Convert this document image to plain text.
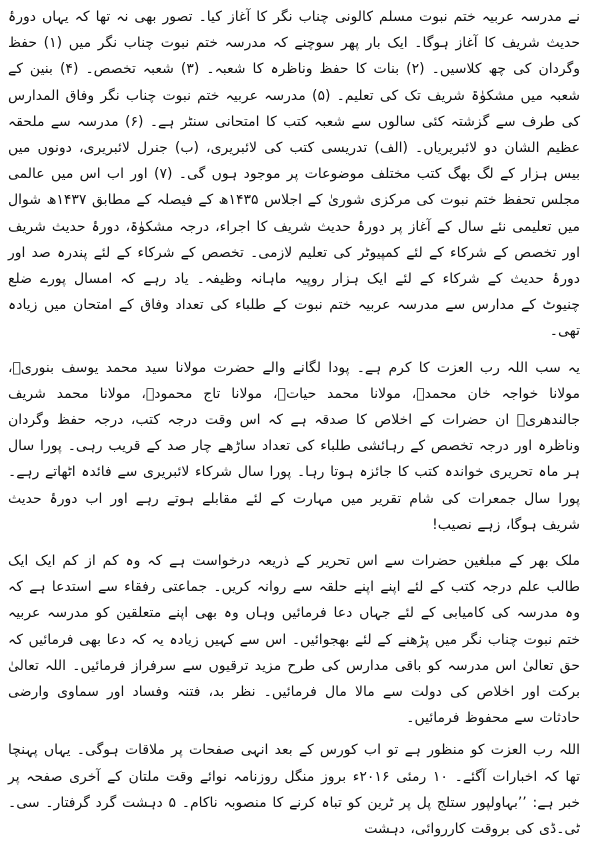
نے مدرسہ عربیہ ختم نبوت مسلم کالونی چناب نگر کا آغاز کیا۔ تصور بھی نہ تھا کہ یہاں دورۂ حدیث شریف کا آغاز ہوگا۔ ایک بار پھر سوچنے کہ مدرسہ ختم نبوت چناب نگر میں (۱) حفظ وگردان کی چھ کلاسیں۔ (۲) بنات کا حفظ وناظرہ کا شعبہ۔ (۳) شعبہ تخصص۔ (۴) بنین کے شعبہ میں مشکوٰۃ شریف تک کی تعلیم۔ (۵) مدرسہ عربیہ ختم نبوت چناب نگر وفاق المدارس کی طرف سے گزشتہ کئی سالوں سے شعبہ کتب کا امتحانی سنٹر ہے۔ (۶) مدرسہ سے ملحقہ عظیم الشان دو لائبریریاں۔ (الف) تدریسی کتب کی لائبریری، (ب) جنرل لائبریری، دونوں میں بیس ہزار کے لگ بھگ کتب مختلف موضوعات پر موجود ہوں گی۔ (۷) اور اب اس میں عالمی مجلس تحفظ ختم نبوت کی مرکزی شوریٰ کے اجلاس ۱۴۳۵ھ کے فیصلہ کے مطابق ۱۴۳۷ھ شوال میں تعلیمی نئے سال کے آغاز پر دورۂ حدیث شریف کا اجراء، درجہ مشکوٰۃ، دورۂ حدیث شریف اور تخصص کے شرکاء کے لئے کمپیوٹر کی تعلیم لازمی۔ تخصص کے شرکاء کے لئے پندرہ صد اور دورۂ حدیث کے شرکاء کے لئے ایک ہزار روپیہ ماہانہ وظیفہ۔ یاد رہے کہ امسال پورے ضلع چنیوٹ کے مدارس سے مدرسہ عربیہ ختم نبوت کے طلباء کی تعداد وفاق کے امتحان میں زیادہ تھی۔

یہ سب اللہ رب العزت کا کرم ہے۔ پودا لگانے والے حضرت مولانا سید محمد یوسف بنوریؒ، مولانا خواجہ خان محمدؒ، مولانا محمد حیاتؒ، مولانا تاج محمودؒ، مولانا محمد شریف جالندھریؒ ان حضرات کے اخلاص کا صدقہ ہے کہ اس وقت درجہ کتب، درجہ حفظ وگردان وناظرہ اور درجہ تخصص کے رہائشی طلباء کی تعداد ساڑھے چار صد کے قریب رہی۔ پورا سال ہر ماہ تحریری خواندہ کتب کا جائزہ ہوتا رہا۔ پورا سال شرکاء لائبریری سے فائدہ اٹھاتے رہے۔ پورا سال جمعرات کی شام تقریر میں مہارت کے لئے مقابلے ہوتے رہے اور اب دورۂ حدیث شریف ہوگا، زہے نصیب!

ملک بھر کے مبلغین حضرات سے اس تحریر کے ذریعہ درخواست ہے کہ وہ کم از کم ایک ایک طالب علم درجہ کتب کے لئے اپنے اپنے حلقہ سے روانہ کریں۔ جماعتی رفقاء سے استدعا ہے کہ وہ مدرسہ کی کامیابی کے لئے جہاں دعا فرمائیں وہاں وہ بھی اپنے متعلقین کو مدرسہ عربیہ ختم نبوت چناب نگر میں پڑھنے کے لئے بھجوائیں۔ اس سے کہیں زیادہ یہ کہ دعا بھی فرمائیں کہ حق تعالیٰ اس مدرسہ کو باقی مدارس کی طرح مزید ترقیوں سے سرفراز فرمائیں۔ اللہ تعالیٰ برکت اور اخلاص کی دولت سے مالا مال فرمائیں۔ نظر بد، فتنہ وفساد اور سماوی وارضی حادثات سے محفوظ فرمائیں۔

اللہ رب العزت کو منظور ہے تو اب کورس کے بعد انہی صفحات پر ملاقات ہوگی۔ یہاں پہنچا تھا کہ اخبارات آگئے۔ ۱۰ رمئی ۲۰۱۶ء بروز منگل روزنامہ نوائے وقت ملتان کے آخری صفحہ پر خبر ہے: ’’بہاولپور ستلج پل پر ٹرین کو تباہ کرنے کا منصوبہ ناکام۔ ۵ دہشت گرد گرفتار۔ سی۔ٹی۔ڈی کی بروقت کارروائی، دہشت
